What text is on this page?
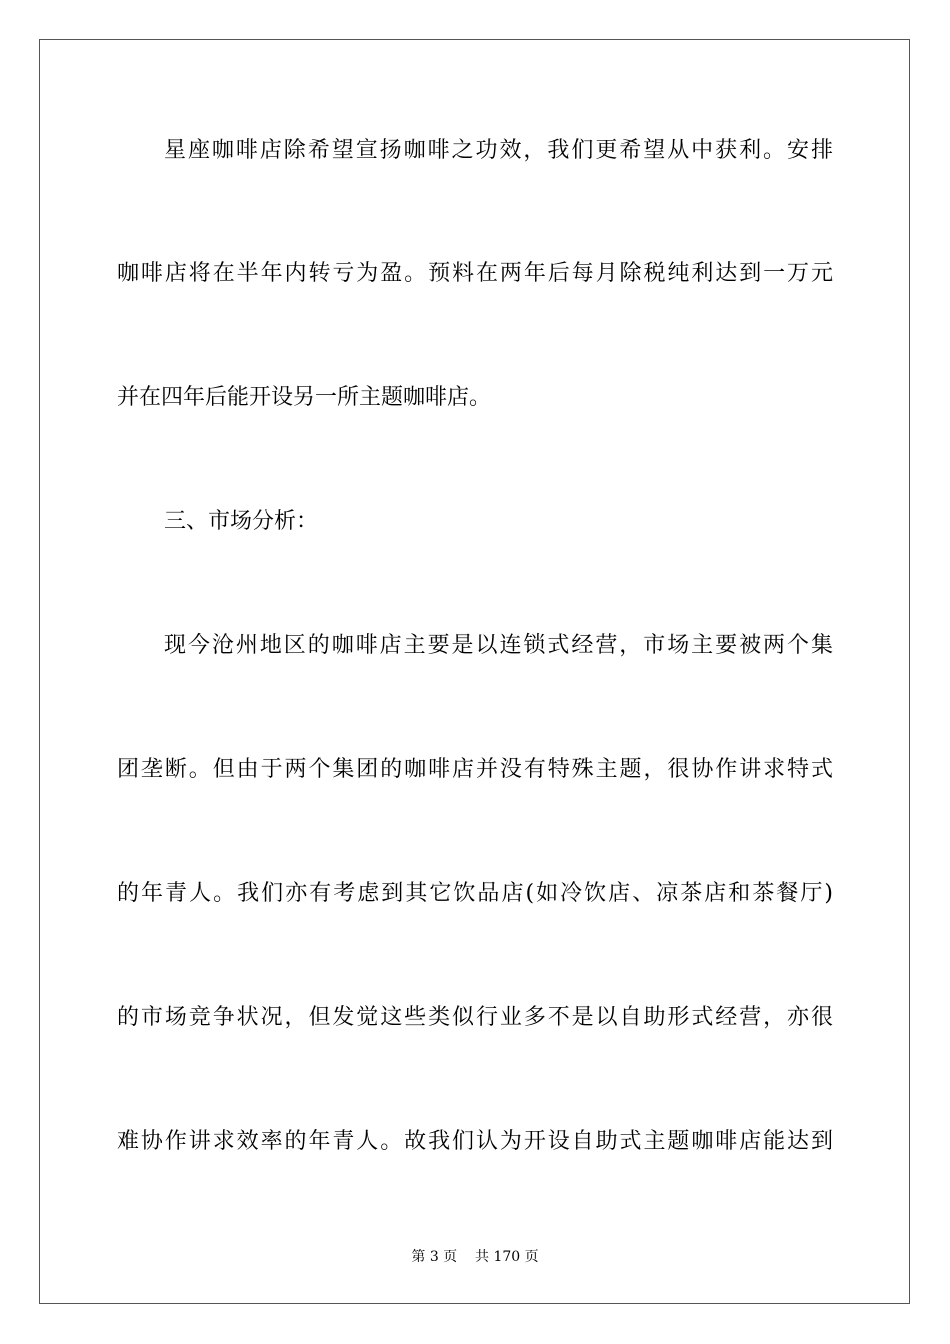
星座咖啡店除希望宣扬咖啡之功效，我们更希望从中获利。安排
咖啡店将在半年内转亏为盈。预料在两年后每月除税纯利达到一万元
并在四年后能开设另一所主题咖啡店。
三、市场分析：
现今沧州地区的咖啡店主要是以连锁式经营，市场主要被两个集
团垄断。但由于两个集团的咖啡店并没有特殊主题，很协作讲求特式
的年青人。我们亦有考虑到其它饮品店(如冷饮店、凉茶店和茶餐厅)
的市场竞争状况，但发觉这些类似行业多不是以自助形式经营，亦很
难协作讲求效率的年青人。故我们认为开设自助式主题咖啡店能达到
第 3 页 共 170 页
